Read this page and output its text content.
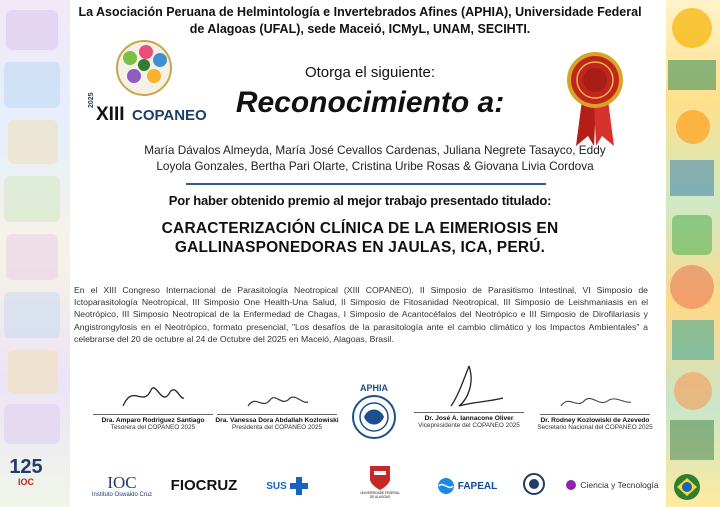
La Asociación Peruana de Helmintología e Invertebrados Afines (APHIA), Universidade Federal de Alagoas (UFAL), sede Maceió, ICMyL, UNAM, SECIHTI.
2025
XIII COPANEO
Otorga el siguiente:
Reconocimiento a:
María Dávalos Almeyda, María José Cevallos Cardenas, Juliana Negrete Tasayco, Eddy Loyola Gonzales, Bertha Pari Olarte, Cristina Uribe Rosas & Giovana Livia Cordova
Por haber obtenido premio al mejor trabajo presentado titulado:
CARACTERIZACIÓN CLÍNICA DE LA EIMERIOSIS EN GALLINASPONEDORAS EN JAULAS, ICA, PERÚ.
En el XIII Congreso Internacional de Parasitología Neotropical (XIII COPANEO), II Simposio de Parasitismo Intestinal, VI Simposio de Ictoparasitología Neotropical, III Simposio One Health-Una Salud, II Simposio de Fitosanidad Neotropical, III Simposio de Leishmaniasis en el Neotrópico, III Simposio Neotropical de la Enfermedad de Chagas, I Simposio de Acantocéfalos del Neotrópico e III Simposio de Dirofilariasis y Angistrongylosis en el Neotrópico, formato presencial, "Los desafíos de la parasitología ante el cambio climático y los Impactos Ambientales" a celebrarse del 20 de octubre al 24 de Octubre del 2025 en Maceió, Alagoas, Brasil.
Dra. Amparo Rodriguez Santiago
Tesorera del COPANEO 2025
Dra. Vanessa Dora Abdallah Kozlowiski
Presidenta del COPANEO 2025
APHIA
Dr. José A. Iannacone Oliver
Vicepresidente del COPANEO 2025
Dr. Rodney Kozlowiski de Azevedo
Secretario Nacional del COPANEO 2025
125
IOC	IOC
Instituto Oswaldo Cruz
FIOCRUZ	SUS
UNIVERSIDADE FEDERAL DE ALAGOAS
FAPEAL	Ciencia y Tecnología
